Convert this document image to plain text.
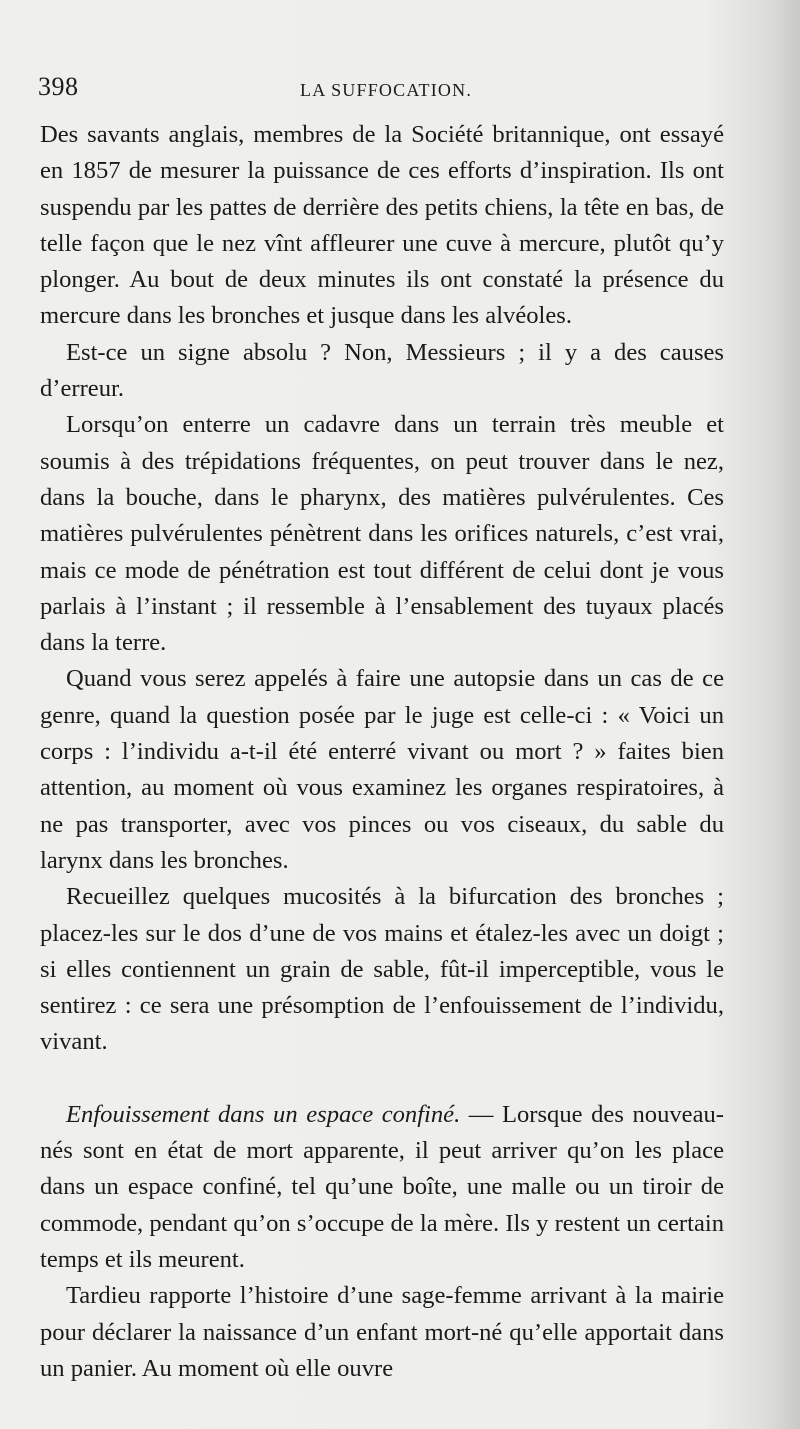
398	LA SUFFOCATION.

Des savants anglais, membres de la Société britannique, ont essayé en 1857 de mesurer la puissance de ces efforts d’inspiration. Ils ont suspendu par les pattes de derrière des petits chiens, la tête en bas, de telle façon que le nez vînt affleurer une cuve à mercure, plutôt qu’y plonger. Au bout de deux minutes ils ont constaté la présence du mercure dans les bronches et jusque dans les alvéoles.

Est-ce un signe absolu ? Non, Messieurs ; il y a des causes d’erreur.

Lorsqu’on enterre un cadavre dans un terrain très meuble et soumis à des trépidations fréquentes, on peut trouver dans le nez, dans la bouche, dans le pharynx, des matières pulvérulentes. Ces matières pulvérulentes pénètrent dans les orifices naturels, c’est vrai, mais ce mode de pénétration est tout différent de celui dont je vous parlais à l’instant ; il ressemble à l’ensablement des tuyaux placés dans la terre.

Quand vous serez appelés à faire une autopsie dans un cas de ce genre, quand la question posée par le juge est celle-ci : « Voici un corps : l’individu a-t-il été enterré vivant ou mort ? » faites bien attention, au moment où vous examinez les organes respiratoires, à ne pas transporter, avec vos pinces ou vos ciseaux, du sable du larynx dans les bronches.

Recueillez quelques mucosités à la bifurcation des bronches ; placez-les sur le dos d’une de vos mains et étalez-les avec un doigt ; si elles contiennent un grain de sable, fût-il imperceptible, vous le sentirez : ce sera une présomption de l’enfouissement de l’individu, vivant.

Enfouissement dans un espace confiné. — Lorsque des nouveau-nés sont en état de mort apparente, il peut arriver qu’on les place dans un espace confiné, tel qu’une boîte, une malle ou un tiroir de commode, pendant qu’on s’occupe de la mère. Ils y restent un certain temps et ils meurent.

Tardieu rapporte l’histoire d’une sage-femme arrivant à la mairie pour déclarer la naissance d’un enfant mort-né qu’elle apportait dans un panier. Au moment où elle ouvre
